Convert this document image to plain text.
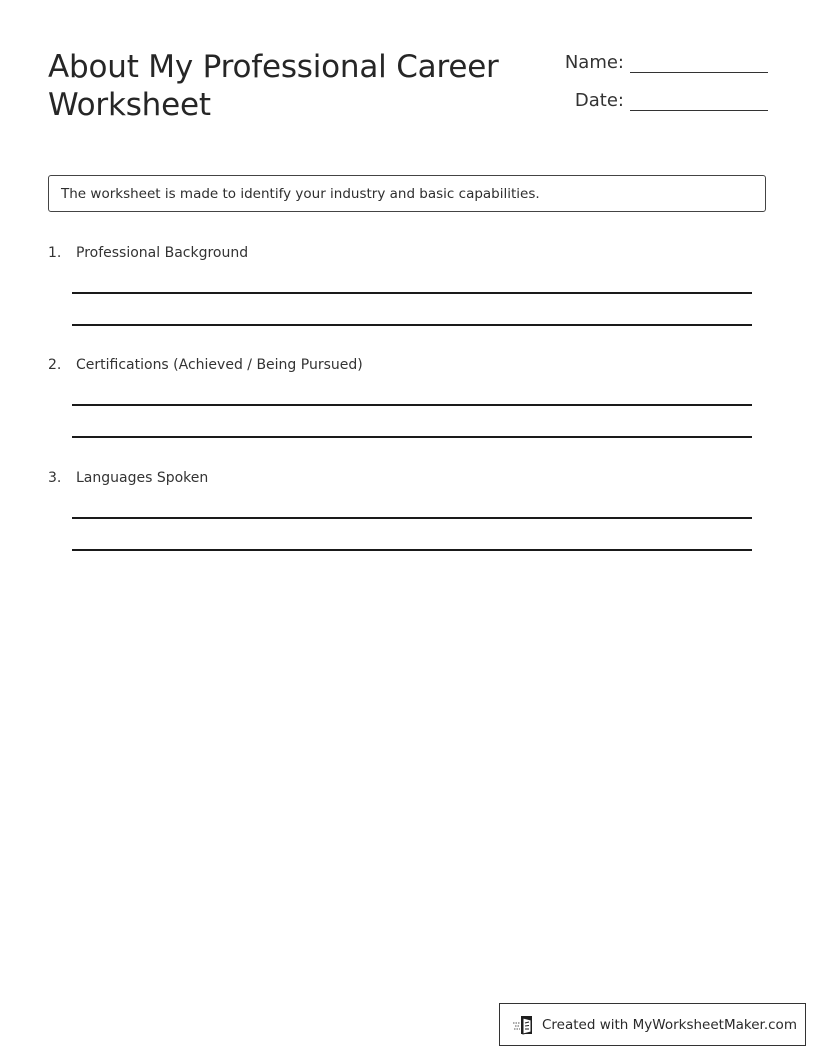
About My Professional Career Worksheet
Name:
Date:
The worksheet is made to identify your industry and basic capabilities.
1.	Professional Background
2.	Certifications (Achieved / Being Pursued)
3.	Languages Spoken
Created with MyWorksheetMaker.com
